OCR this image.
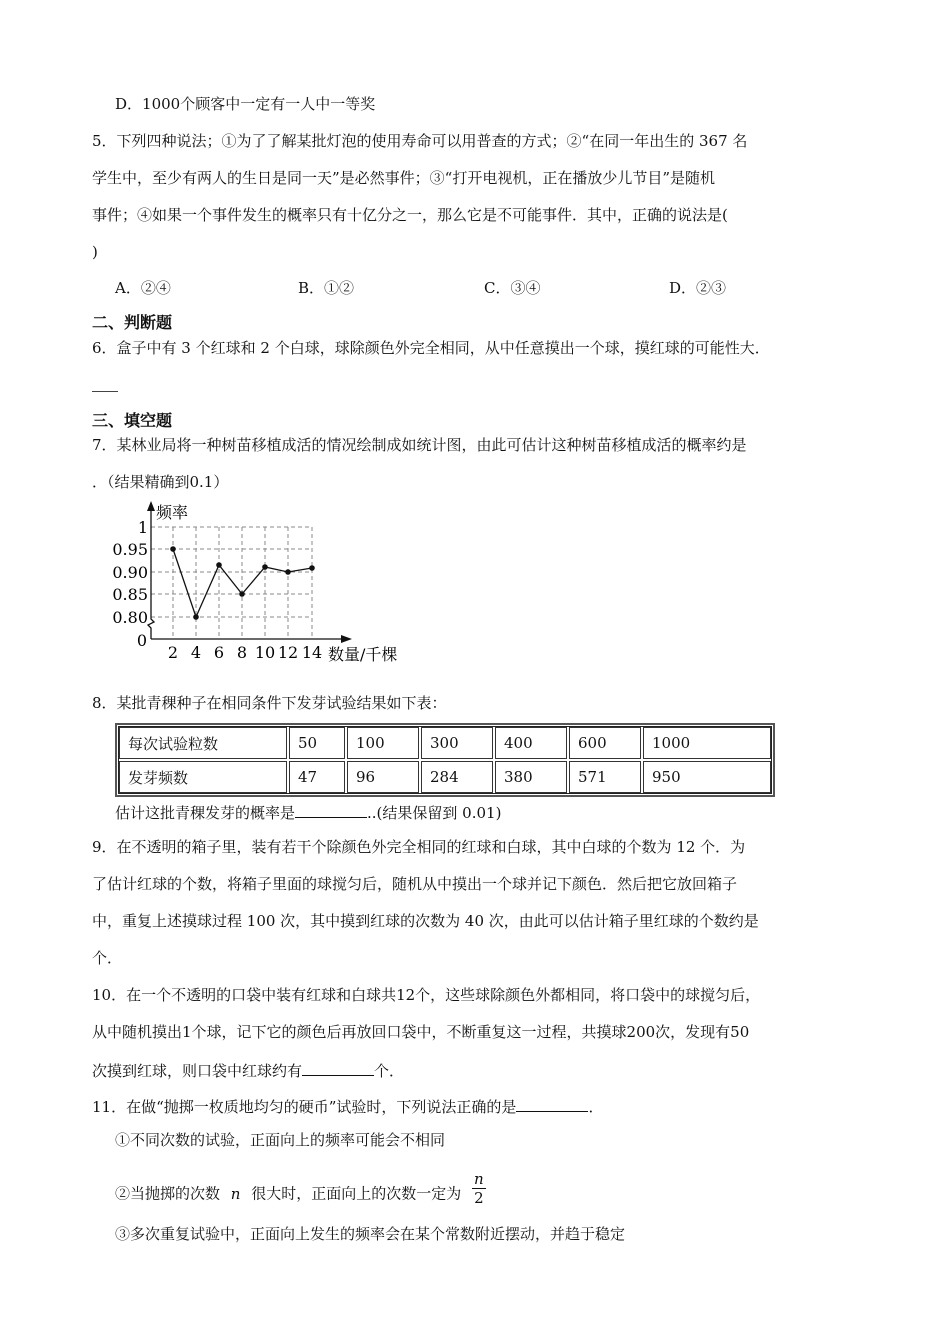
D．1000个顾客中一定有一人中一等奖
5．下列四种说法；①为了了解某批灯泡的使用寿命可以用普查的方式；②“在同一年出生的 367 名
学生中，至少有两人的生日是同一天”是必然事件；③“打开电视机，正在播放少儿节目”是随机
事件；④如果一个事件发生的概率只有十亿分之一，那么它是不可能事件．其中，正确的说法是(
)
A．②④	B．①②	C．③④	D．②③
二、判断题
6．盒子中有 3 个红球和 2 个白球，球除颜色外完全相同，从中任意摸出一个球，摸红球的可能性大．
三、填空题
7．某林业局将一种树苗移植成活的情况绘制成如统计图，由此可估计这种树苗移植成活的概率约是
．（结果精确到0.1）
频率
1
0.95
0.90
0.85
0.80
0
2 4 6 8 10 12 14 数量/千棵
8．某批青稞种子在相同条件下发芽试验结果如下表：
每次试验粒数	50	100	300	400	600	1000
发芽频数	47	96	284	380	571	950
估计这批青稞发芽的概率是	..(结果保留到 0.01)
9．在不透明的箱子里，装有若干个除颜色外完全相同的红球和白球，其中白球的个数为 12 个．为
了估计红球的个数，将箱子里面的球搅匀后，随机从中摸出一个球并记下颜色．然后把它放回箱子
中，重复上述摸球过程 100 次，其中摸到红球的次数为 40 次，由此可以估计箱子里红球的个数约是
个．
10．在一个不透明的口袋中装有红球和白球共12个，这些球除颜色外都相同，将口袋中的球搅匀后，
从中随机摸出1个球，记下它的颜色后再放回口袋中，不断重复这一过程，共摸球200次，发现有50
次摸到红球，则口袋中红球约有	个．
11．在做“抛掷一枚质地均匀的硬币”试验时，下列说法正确的是	．
①不同次数的试验，正面向上的频率可能会不相同
②当抛掷的次数 n 很大时，正面向上的次数一定为 $\frac{n}{2}$
③多次重复试验中，正面向上发生的频率会在某个常数附近摆动，并趋于稳定
